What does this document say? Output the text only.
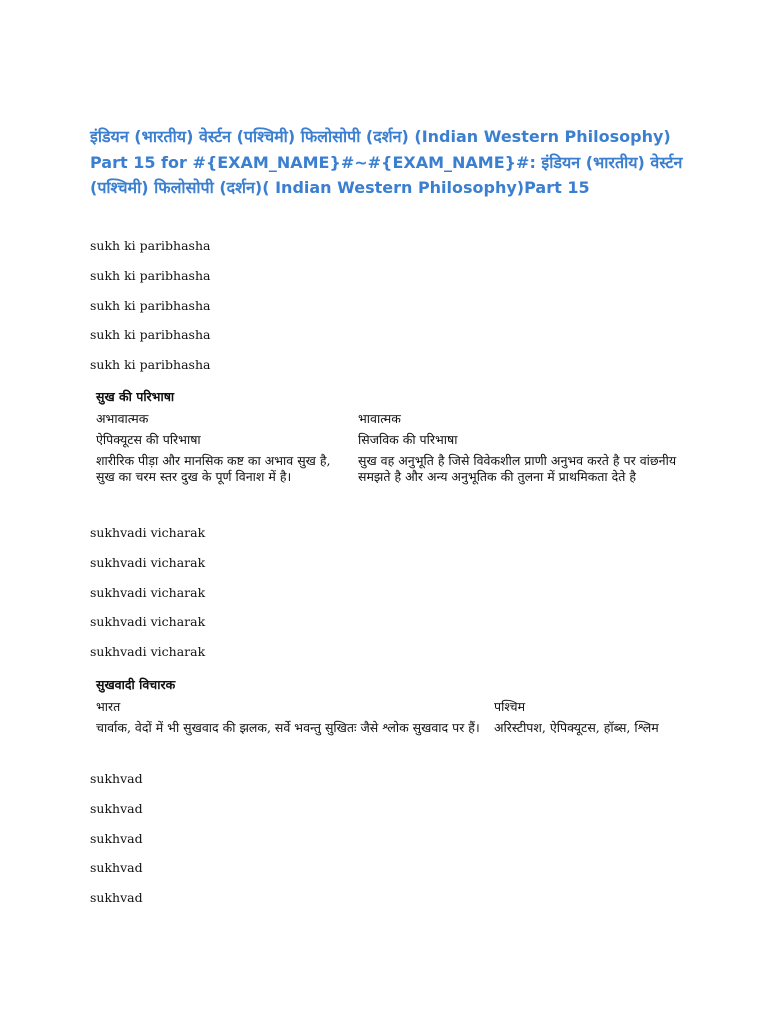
इंडियन (भारतीय) वेर्स्टन (पश्चिमी) फिलोसोपी (दर्शन) (Indian Western Philosophy) Part 15 for #{EXAM_NAME}#~#{EXAM_NAME}#: इंडियन (भारतीय) वेर्स्टन (पश्चिमी) फिलोसोपी (दर्शन)( Indian Western Philosophy)Part 15
sukh ki paribhasha
sukh ki paribhasha
sukh ki paribhasha
sukh ki paribhasha
sukh ki paribhasha
सुख की परिभाषा
अभावात्मक	भावात्मक
ऐपिक्यूटस की परिभाषा	सिजविक की परिभाषा
शारीरिक पीड़ा और मानसिक कष्ट का अभाव सुख है, सुख का चरम स्तर दुख के पूर्ण विनाश में है।	सुख वह अनुभूति है जिसे विवेकशील प्राणी अनुभव करते है पर वांछनीय समझते है और अन्य अनुभूतिक की तुलना में प्राथमिकता देते है
sukhvadi vicharak
sukhvadi vicharak
sukhvadi vicharak
sukhvadi vicharak
sukhvadi vicharak
सुखवादी विचारक
भारत	पश्चिम
चार्वाक, वेदों में भी सुखवाद की झलक, सर्वे भवन्तु सुखितः जैसे श्लोक सुखवाद पर हैं।	अरिस्टीपश, ऐपिक्यूटस, हॉब्स, श्लिम
sukhvad
sukhvad
sukhvad
sukhvad
sukhvad
